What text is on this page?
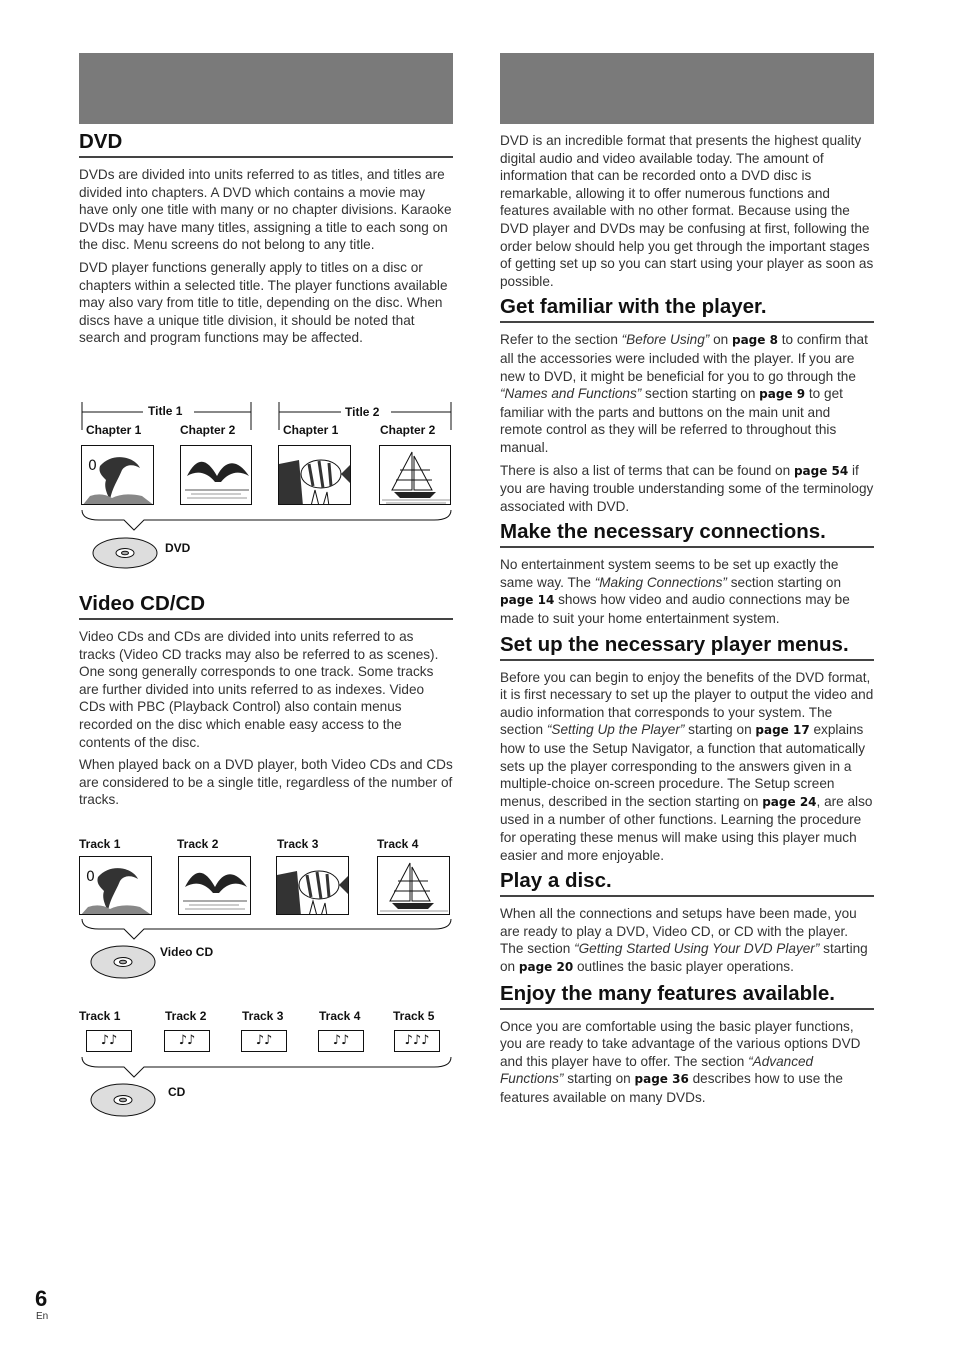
DVD

DVDs are divided into units referred to as titles, and titles are divided into chapters. A DVD which contains a movie may have only one title with many or no chapter divisions. Karaoke DVDs may have many titles, assigning a title to each song on the disc. Menu screens do not belong to any title.

DVD player functions generally apply to titles on a disc or chapters within a selected title. The player functions available may also vary from title to title, depending on the disc. When discs have a unique title division, it should be noted that search and program functions may be affected.

Title 1	Title 2
Chapter 1	Chapter 2	Chapter 1	Chapter 2
0
DVD
Video CD/CD

Video CDs and CDs are divided into units referred to as tracks (Video CD tracks may also be referred to as scenes). One song generally corresponds to one track. Some tracks are further divided into units referred to as indexes. Video CDs with PBC (Playback Control) also contain menus recorded on the disc which enable easy access to the contents of the disc.

When played back on a DVD player, both Video CDs and CDs are considered to be a single title, regardless of the number of tracks.

Track 1	Track 2	Track 3	Track 4
0
Video CD
Track 1	Track 2	Track 3	Track 4	Track 5
♪♪	♪♪	♪♪	♪♪	♪♪♪
CD

DVD is an incredible format that presents the highest quality digital audio and video available today. The amount of information that can be recorded onto a DVD disc is remarkable, allowing it to offer numerous functions and features available with no other format. Because using the DVD player and DVDs may be confusing at first, following the order below should help you get through the important stages of getting set up so you can start using your player as soon as possible.

Get familiar with the player.

Refer to the section “Before Using” on page 8 to confirm that all the accessories were included with the player. If you are new to DVD, it might be beneficial for you to go through the “Names and Functions” section starting on page 9 to get familiar with the parts and buttons on the main unit and remote control as they will be referred to throughout this manual.

There is also a list of terms that can be found on page 54 if you are having trouble understanding some of the terminology associated with DVD.

Make the necessary connections.

No entertainment system seems to be set up exactly the same way. The “Making Connections” section starting on page 14 shows how video and audio connections may be made to suit your home entertainment system.

Set up the necessary player menus.

Before you can begin to enjoy the benefits of the DVD format, it is first necessary to set up the player to output the video and audio information that corresponds to your system. The section “Setting Up the Player” starting on page 17 explains how to use the Setup Navigator, a function that automatically sets up the player corresponding to the answers given in a multiple-choice on-screen procedure. The Setup screen menus, described in the section starting on page 24, are also used in a number of other functions. Learning the procedure for operating these menus will make using this player much easier and more enjoyable.

Play a disc.

When all the connections and setups have been made, you are ready to play a DVD, Video CD, or CD with the player. The section “Getting Started Using Your DVD Player” starting on page 20 outlines the basic player operations.

Enjoy the many features available.

Once you are comfortable using the basic player functions, you are ready to take advantage of the various options DVD and this player have to offer. The section “Advanced Functions” starting on page 36 describes how to use the features available on many DVDs.

6
En
